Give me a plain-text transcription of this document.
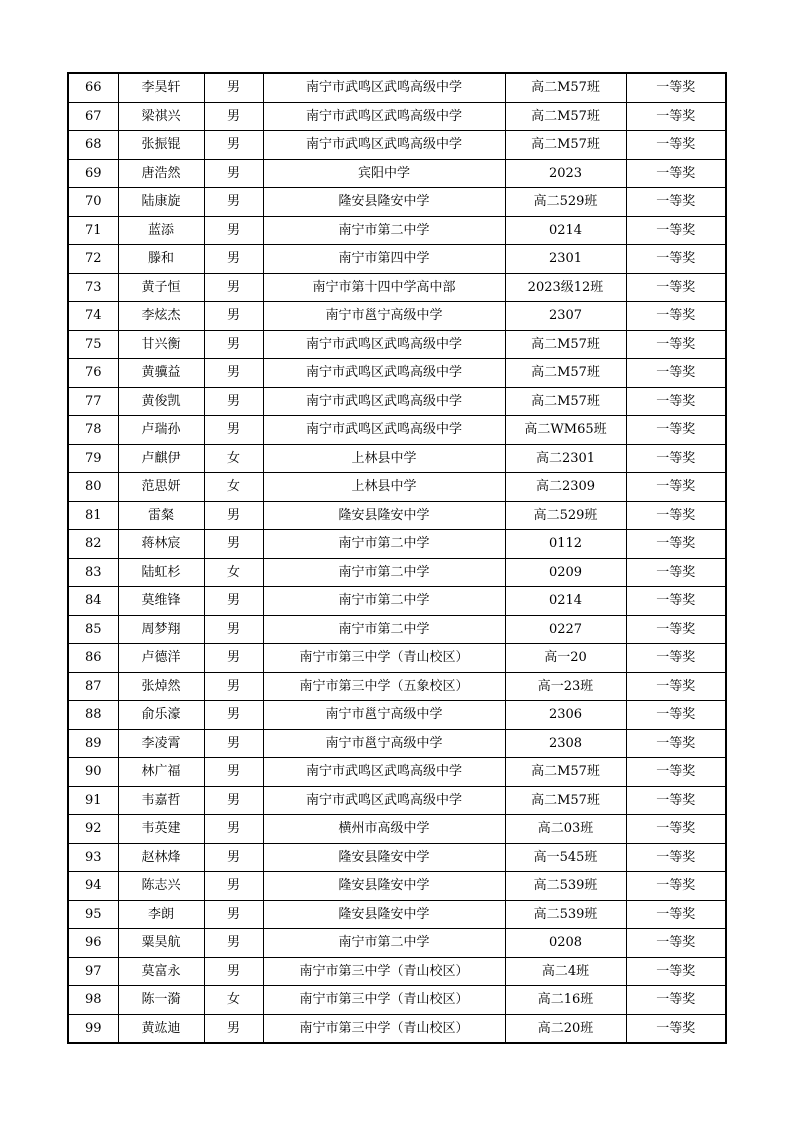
66	李昊轩	男	南宁市武鸣区武鸣高级中学	高二M57班	一等奖
67	梁祺兴	男	南宁市武鸣区武鸣高级中学	高二M57班	一等奖
68	张振锟	男	南宁市武鸣区武鸣高级中学	高二M57班	一等奖
69	唐浩然	男	宾阳中学	2023	一等奖
70	陆康旋	男	隆安县隆安中学	高二529班	一等奖
71	蓝添	男	南宁市第二中学	0214	一等奖
72	滕和	男	南宁市第四中学	2301	一等奖
73	黄子恒	男	南宁市第十四中学高中部	2023级12班	一等奖
74	李炫杰	男	南宁市邕宁高级中学	2307	一等奖
75	甘兴衡	男	南宁市武鸣区武鸣高级中学	高二M57班	一等奖
76	黄骥益	男	南宁市武鸣区武鸣高级中学	高二M57班	一等奖
77	黄俊凯	男	南宁市武鸣区武鸣高级中学	高二M57班	一等奖
78	卢瑞孙	男	南宁市武鸣区武鸣高级中学	高二WM65班	一等奖
79	卢麒伊	女	上林县中学	高二2301	一等奖
80	范思妍	女	上林县中学	高二2309	一等奖
81	雷粲	男	隆安县隆安中学	高二529班	一等奖
82	蒋林宸	男	南宁市第二中学	0112	一等奖
83	陆虹杉	女	南宁市第二中学	0209	一等奖
84	莫维锋	男	南宁市第二中学	0214	一等奖
85	周梦翔	男	南宁市第二中学	0227	一等奖
86	卢德洋	男	南宁市第三中学（青山校区）	高一20	一等奖
87	张焯然	男	南宁市第三中学（五象校区）	高一23班	一等奖
88	俞乐濠	男	南宁市邕宁高级中学	2306	一等奖
89	李凌霄	男	南宁市邕宁高级中学	2308	一等奖
90	林广福	男	南宁市武鸣区武鸣高级中学	高二M57班	一等奖
91	韦嘉哲	男	南宁市武鸣区武鸣高级中学	高二M57班	一等奖
92	韦英建	男	横州市高级中学	高二03班	一等奖
93	赵林烽	男	隆安县隆安中学	高一545班	一等奖
94	陈志兴	男	隆安县隆安中学	高二539班	一等奖
95	李朗	男	隆安县隆安中学	高二539班	一等奖
96	粟昊航	男	南宁市第二中学	0208	一等奖
97	莫富永	男	南宁市第三中学（青山校区）	高二4班	一等奖
98	陈一漪	女	南宁市第三中学（青山校区）	高二16班	一等奖
99	黄竑迪	男	南宁市第三中学（青山校区）	高二20班	一等奖
